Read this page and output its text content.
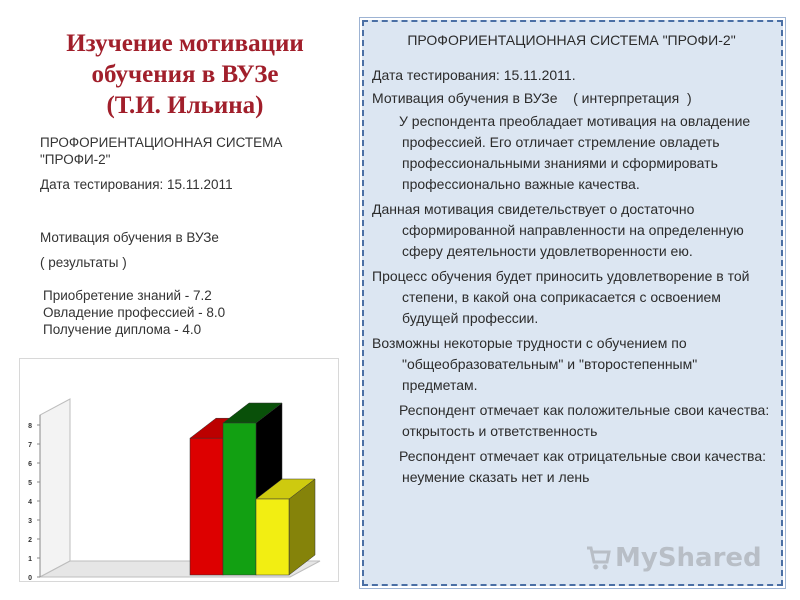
Изучение мотивации
обучения в ВУЗе
(Т.И. Ильина)
ПРОФОРИЕНТАЦИОННАЯ СИСТЕМА
"ПРОФИ-2"
Дата тестирования: 15.11.2011
Мотивация обучения в ВУЗе
( результаты )
Приобретение знаний - 7.2
Овладение профессией - 8.0
Получение диплома - 4.0
0
1
2
3
4
5
6
7
8
ПРОФОРИЕНТАЦИОННАЯ СИСТЕМА "ПРОФИ-2"

Дата тестирования: 15.11.2011.

Мотивация обучения в ВУЗе    ( интерпретация  )

У респондента преобладает мотивация на овладение профессией. Его отличает стремление овладеть профессиональными знаниями и сформировать профессионально важные качества.

Данная мотивация свидетельствует о достаточно сформированной направленности на определенную сферу деятельности удовлетворенности ею.

Процесс обучения будет приносить удовлетворение в той степени, в какой она соприкасается с освоением будущей профессии.

Возможны некоторые трудности с обучением по "общеобразовательным" и "второстепенным" предметам.

Респондент отмечает как положительные свои качества: открытость и ответственность

Респондент отмечает как отрицательные свои качества: неумение сказать нет и лень

MyShared
